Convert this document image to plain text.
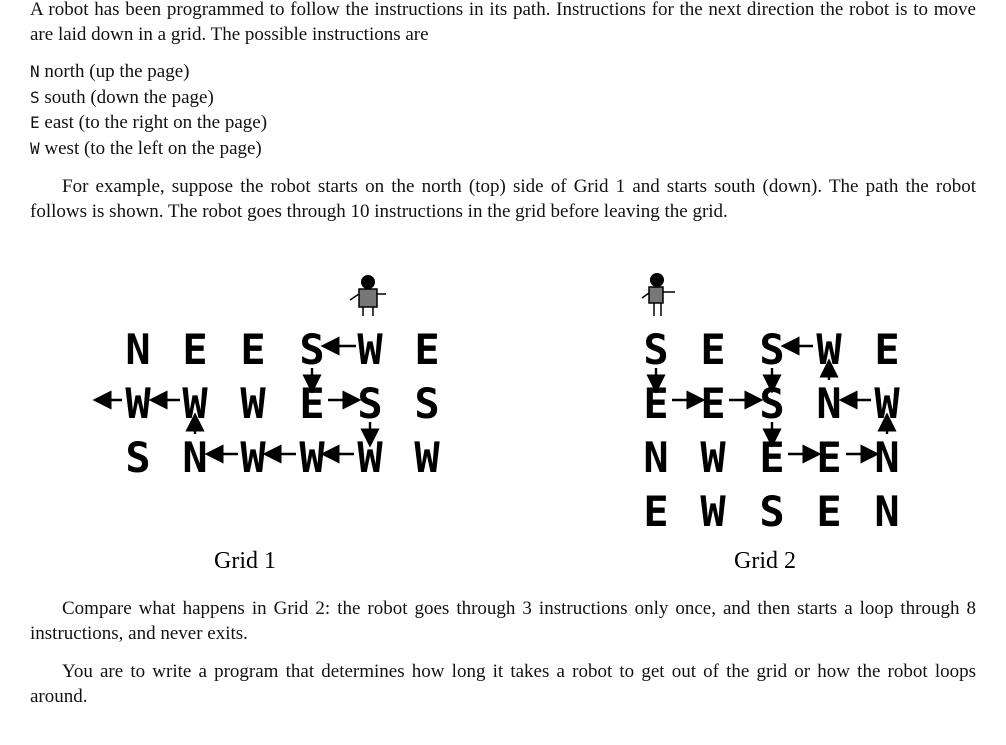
A robot has been programmed to follow the instructions in its path. Instructions for the next direction the robot is to move are laid down in a grid. The possible instructions are

N north (up the page)
S south (down the page)
E east (to the right on the page)
W west (to the left on the page)

For example, suppose the robot starts on the north (top) side of Grid 1 and starts south (down). The path the robot follows is shown. The robot goes through 10 instructions in the grid before leaving the grid.

N E E S W E
W W W E S S
S N W W W W
Grid 1
S E S W E
E E S N W
N W E E N
E W S E N
Grid 2

Compare what happens in Grid 2: the robot goes through 3 instructions only once, and then starts a loop through 8 instructions, and never exits.

You are to write a program that determines how long it takes a robot to get out of the grid or how the robot loops around.
